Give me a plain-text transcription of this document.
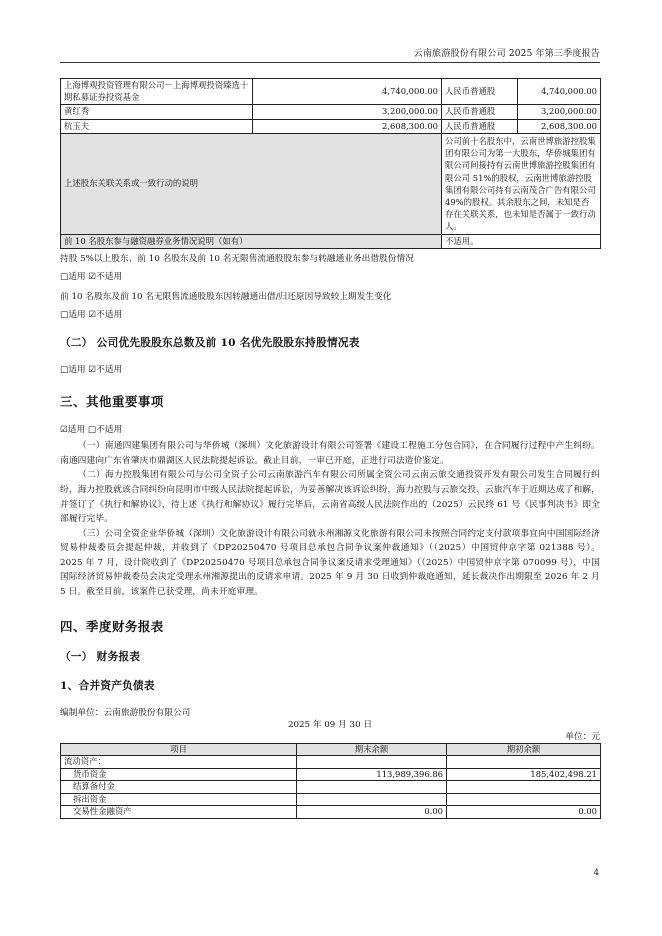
云南旅游股份有限公司 2025 年第三季度报告
上海博观投资管理有限公司－上海博观投资臻选十期私募证券投资基金	4,740,000.00	人民币普通股	4,740,000.00
黄红秀	3,200,000.00	人民币普通股	3,200,000.00
杭玉夫	2,608,300.00	人民币普通股	2,608,300.00
上述股东关联关系或一致行动的说明		公司前十名股东中，云南世博旅游控股集团有限公司为第一大股东，华侨城集团有限公司间接持有云南世博旅游控股集团有限公司 51%的股权，云南世博旅游控股集团有限公司持有云南茂合广告有限公司 49%的股权。其余股东之间，未知是否存在关联关系，也未知是否属于一致行动人。	
前 10 名股东参与融资融券业务情况说明（如有）		不适用。	

持股 5%以上股东、前 10 名股东及前 10 名无限售流通股股东参与转融通业务出借股份情况

□适用 ☑不适用

前 10 名股东及前 10 名无限售流通股股东因转融通出借/归还原因导致较上期发生变化

□适用 ☑不适用

（二） 公司优先股股东总数及前 10 名优先股股东持股情况表

□适用 ☑不适用

三、其他重要事项

☑适用 □不适用

（一）南通四建集团有限公司与华侨城（深圳）文化旅游设计有限公司签署《建设工程施工分包合同》，在合同履行过程中产生纠纷。南通四建向广东省肇庆市鼎湖区人民法院提起诉讼。截止目前，一审已开庭，正进行司法造价鉴定。

（二）海力控股集团有限公司与公司全资子公司云南旅游汽车有限公司所属全资公司云南云旅交通投资开发有限公司发生合同履行纠纷，海力控股就该合同纠纷向昆明市中级人民法院提起诉讼，为妥善解决该诉讼纠纷，海力控股与云旅交投、云旅汽车于近期达成了和解，并签订了《执行和解协议》，待上述《执行和解协议》履行完毕后，云南省高级人民法院作出的（2025）云民终 61 号《民事判决书》即全部履行完毕。

（三）公司全资企业华侨城（深圳）文化旅游设计有限公司就永州湘源文化旅游有限公司未按照合同约定支付款项事宜向中国国际经济贸易仲裁委员会提起仲裁，并收到了《DP20250470 号项目总承包合同争议案仲裁通知》（（2025）中国贸仲京字第 021388 号）。2025 年 7 月，设计院收到了《DP20250470 号项目总承包合同争议案反请求受理通知》（（2025）中国贸仲京字第 070099 号），中国国际经济贸易仲裁委员会决定受理永州湘源提出的反请求申请。2025 年 9 月 30 日收到仲裁庭通知，延长裁决作出期限至 2026 年 2 月 5 日。截至目前，该案件已获受理，尚未开庭审理。

四、季度财务报表

（一） 财务报表

1、合并资产负债表

编制单位：云南旅游股份有限公司

2025 年 09 月 30 日

单位：元

项目	期末余额	期初余额
流动资产：		
货币资金	113,989,396.86	185,402,498.21
结算备付金		
拆出资金		
交易性金融资产	0.00	0.00
4
